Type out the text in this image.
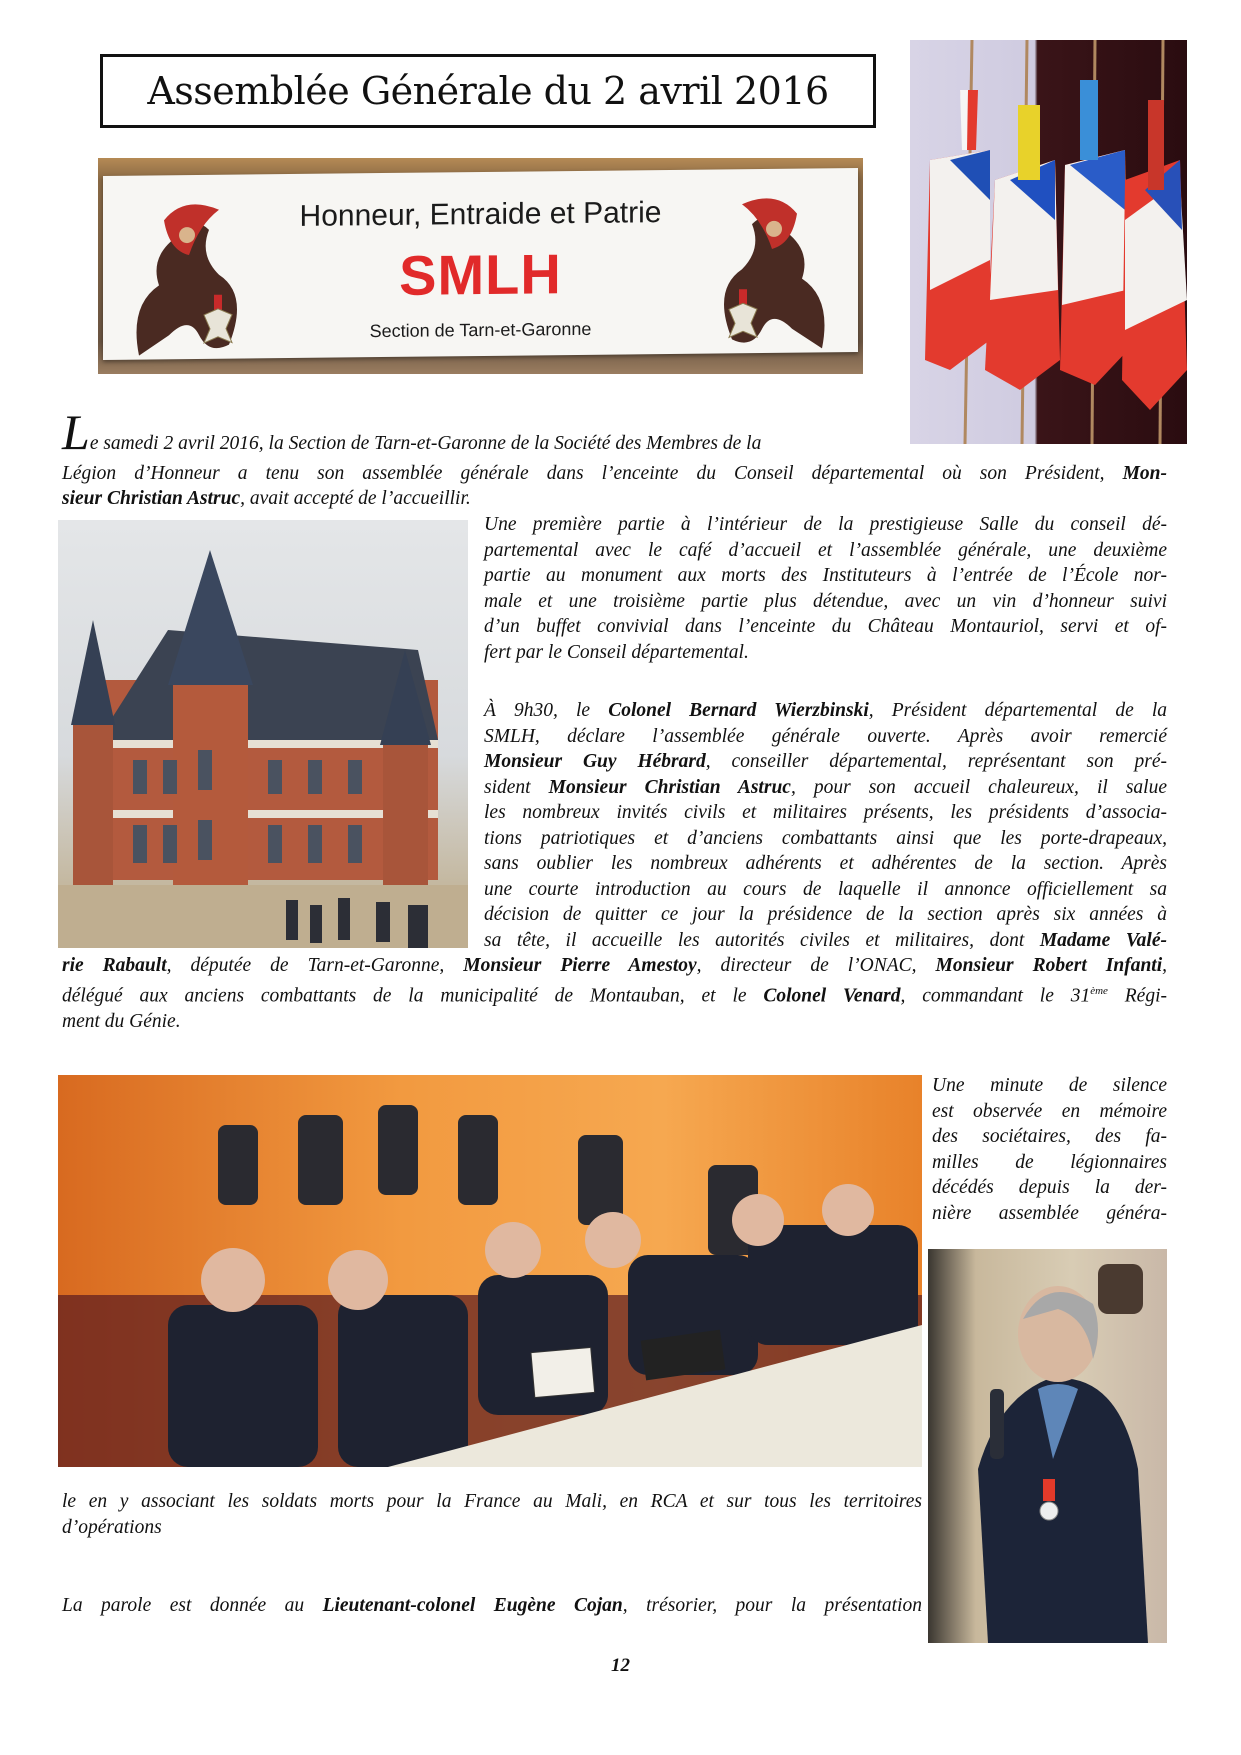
Assemblée Générale du 2 avril 2016
Honneur, Entraide et Patrie
SMLH
Section de Tarn-et-Garonne
Le samedi 2 avril 2016, la Section de Tarn-et-Garonne de la Société des Membres de la
Légion d’Honneur a tenu son assemblée générale dans l’enceinte du Conseil départemental où son Président, Mon-
sieur Christian Astruc, avait accepté de l’accueillir.

Une première partie à l’intérieur de la prestigieuse Salle du conseil dé-

partemental avec le café d’accueil et l’assemblée générale, une deuxième

partie au monument aux morts des Instituteurs à l’entrée de l’École nor-

male et une troisième partie plus détendue, avec un vin d’honneur suivi

d’un buffet convivial dans l’enceinte du Château Montauriol, servi et of-

fert par le Conseil départemental.

À 9h30, le Colonel Bernard Wierzbinski, Président départemental de la

SMLH, déclare l’assemblée générale ouverte. Après avoir remercié

Monsieur Guy Hébrard, conseiller départemental, représentant son pré-

sident Monsieur Christian Astruc, pour son accueil chaleureux, il salue

les nombreux invités civils et militaires présents, les présidents d’associa-

tions patriotiques et d’anciens combattants ainsi que les porte-drapeaux,

sans oublier les nombreux adhérents et adhérentes de la section. Après

une courte introduction au cours de laquelle il annonce officiellement sa

décision de quitter ce jour la présidence de la section après six années à

sa tête, il accueille les autorités civiles et militaires, dont Madame Valé-

rie Rabault, députée de Tarn-et-Garonne, Monsieur Pierre Amestoy, directeur de l’ONAC, Monsieur Robert Infanti,

délégué aux anciens combattants de la municipalité de Montauban, et le Colonel Venard, commandant le 31ème Régi-

ment du Génie.

Une minute de silence

est observée en mémoire

des sociétaires, des fa-

milles de légionnaires

décédés depuis la der-

nière assemblée généra-

le en y associant les soldats morts pour la France au Mali, en RCA et sur tous les territoires

d’opérations

La parole est donnée au Lieutenant-colonel Eugène Cojan, trésorier, pour la présentation

12
